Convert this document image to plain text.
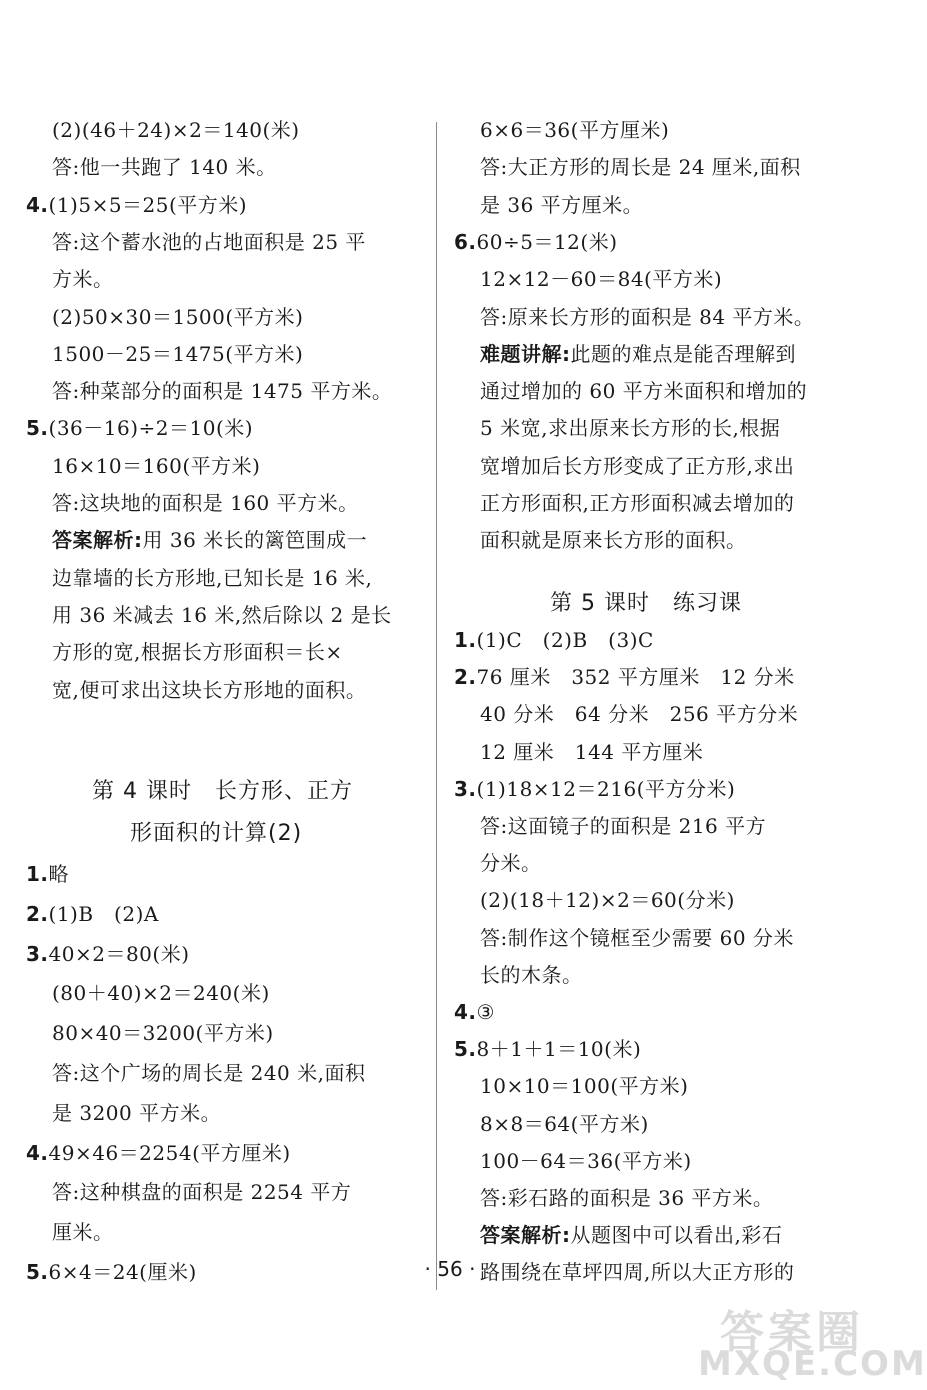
(2)(46＋24)×2＝140(米)
答:他一共跑了 140 米。
4.(1)5×5＝25(平方米)
答:这个蓄水池的占地面积是 25 平
方米。
(2)50×30＝1500(平方米)
1500－25＝1475(平方米)
答:种菜部分的面积是 1475 平方米。
5.(36－16)÷2＝10(米)
16×10＝160(平方米)
答:这块地的面积是 160 平方米。
答案解析:用 36 米长的篱笆围成一
边靠墙的长方形地,已知长是 16 米,
用 36 米减去 16 米,然后除以 2 是长
方形的宽,根据长方形面积＝长×
宽,便可求出这块长方形地的面积。
1.略
2.(1)B　(2)A
3.40×2＝80(米)
(80＋40)×2＝240(米)
80×40＝3200(平方米)
答:这个广场的周长是 240 米,面积
是 3200 平方米。
4.49×46＝2254(平方厘米)
答:这种棋盘的面积是 2254 平方
厘米。
5.6×4＝24(厘米)
6×6＝36(平方厘米)
答:大正方形的周长是 24 厘米,面积
是 36 平方厘米。
6.60÷5＝12(米)
12×12－60＝84(平方米)
答:原来长方形的面积是 84 平方米。
难题讲解:此题的难点是能否理解到
通过增加的 60 平方米面积和增加的
5 米宽,求出原来长方形的长,根据
宽增加后长方形变成了正方形,求出
正方形面积,正方形面积减去增加的
面积就是原来长方形的面积。
1.(1)C　(2)B　(3)C
2.76 厘米　352 平方厘米　12 分米
40 分米　64 分米　256 平方分米
12 厘米　144 平方厘米
3.(1)18×12＝216(平方分米)
答:这面镜子的面积是 216 平方
分米。
(2)(18＋12)×2＝60(分米)
答:制作这个镜框至少需要 60 分米
长的木条。
4.③
5.8＋1＋1＝10(米)
10×10＝100(平方米)
8×8＝64(平方米)
100－64＝36(平方米)
答:彩石路的面积是 36 平方米。
答案解析:从题图中可以看出,彩石
路围绕在草坪四周,所以大正方形的
第 4 课时　长方形、正方
形面积的计算(2)
第 5 课时　练习课
· 56 ·
答案圈
MXQE.COM
